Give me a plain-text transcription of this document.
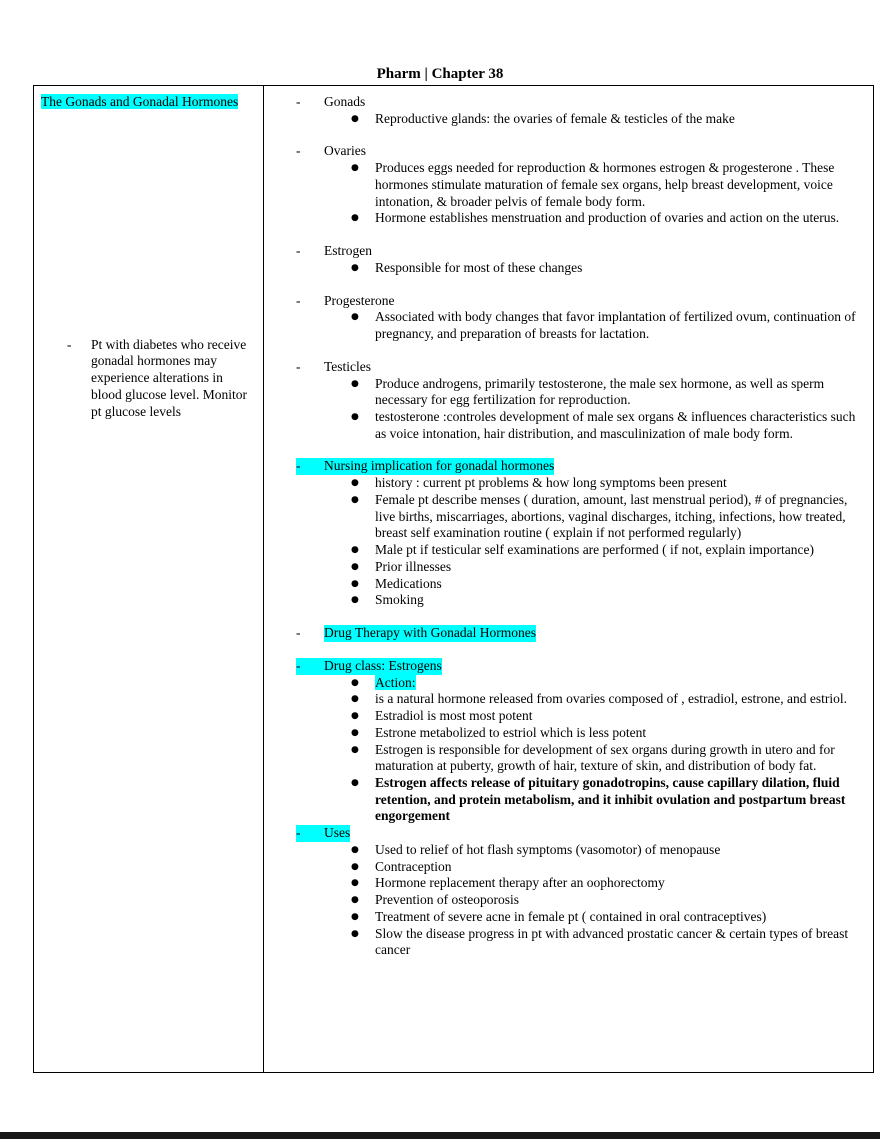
Pharm | Chapter 38
The Gonads and Gonadal Hormones
-	Pt with diabetes who receive gonadal hormones may experience alterations in blood glucose level. Monitor pt glucose levels
-	Gonads
●	Reproductive glands: the ovaries of female & testicles of the make
-	Ovaries
●	Produces eggs needed for reproduction & hormones estrogen & progesterone . These hormones stimulate maturation of female sex organs, help breast development, voice intonation, & broader pelvis of female body form.
●	Hormone establishes menstruation and production of ovaries and action on the uterus.
-	Estrogen
●	Responsible for most of these changes
-	Progesterone
●	Associated with body changes that favor implantation of fertilized ovum, continuation of pregnancy, and preparation of breasts for lactation.
-	Testicles
●	Produce androgens, primarily testosterone, the male sex hormone, as well as sperm necessary for egg fertilization for reproduction.
●	testosterone :controles development of male sex organs & influences characteristics such as voice intonation, hair distribution, and masculinization of male body form.
-	Nursing implication for gonadal hormones
●	history : current pt problems & how long symptoms been present
●	Female pt describe menses ( duration, amount, last menstrual period), # of pregnancies, live births, miscarriages, abortions, vaginal discharges, itching, infections, how treated, breast self examination routine ( explain if not performed regularly)
●	Male pt if testicular self examinations are performed ( if not, explain importance)
●	Prior illnesses
●	Medications
●	Smoking
-	Drug Therapy with Gonadal Hormones
-	Drug class: Estrogens
●	Action:
●	is a natural hormone released from ovaries composed of , estradiol, estrone, and estriol.
●	Estradiol is most most potent
●	Estrone metabolized to estriol which is less potent
●	Estrogen is responsible for development of sex organs during growth in utero and for maturation at puberty, growth of hair, texture of skin, and distribution of body fat.
●	Estrogen affects release of pituitary gonadotropins, cause capillary dilation, fluid retention, and protein metabolism, and it inhibit ovulation and postpartum breast engorgement
-	Uses
●	Used to relief of hot flash symptoms (vasomotor) of menopause
●	Contraception
●	Hormone replacement therapy after an oophorectomy
●	Prevention of osteoporosis
●	Treatment of severe acne in female pt ( contained in oral contraceptives)
●	Slow the disease progress in pt with advanced prostatic cancer & certain types of breast cancer
